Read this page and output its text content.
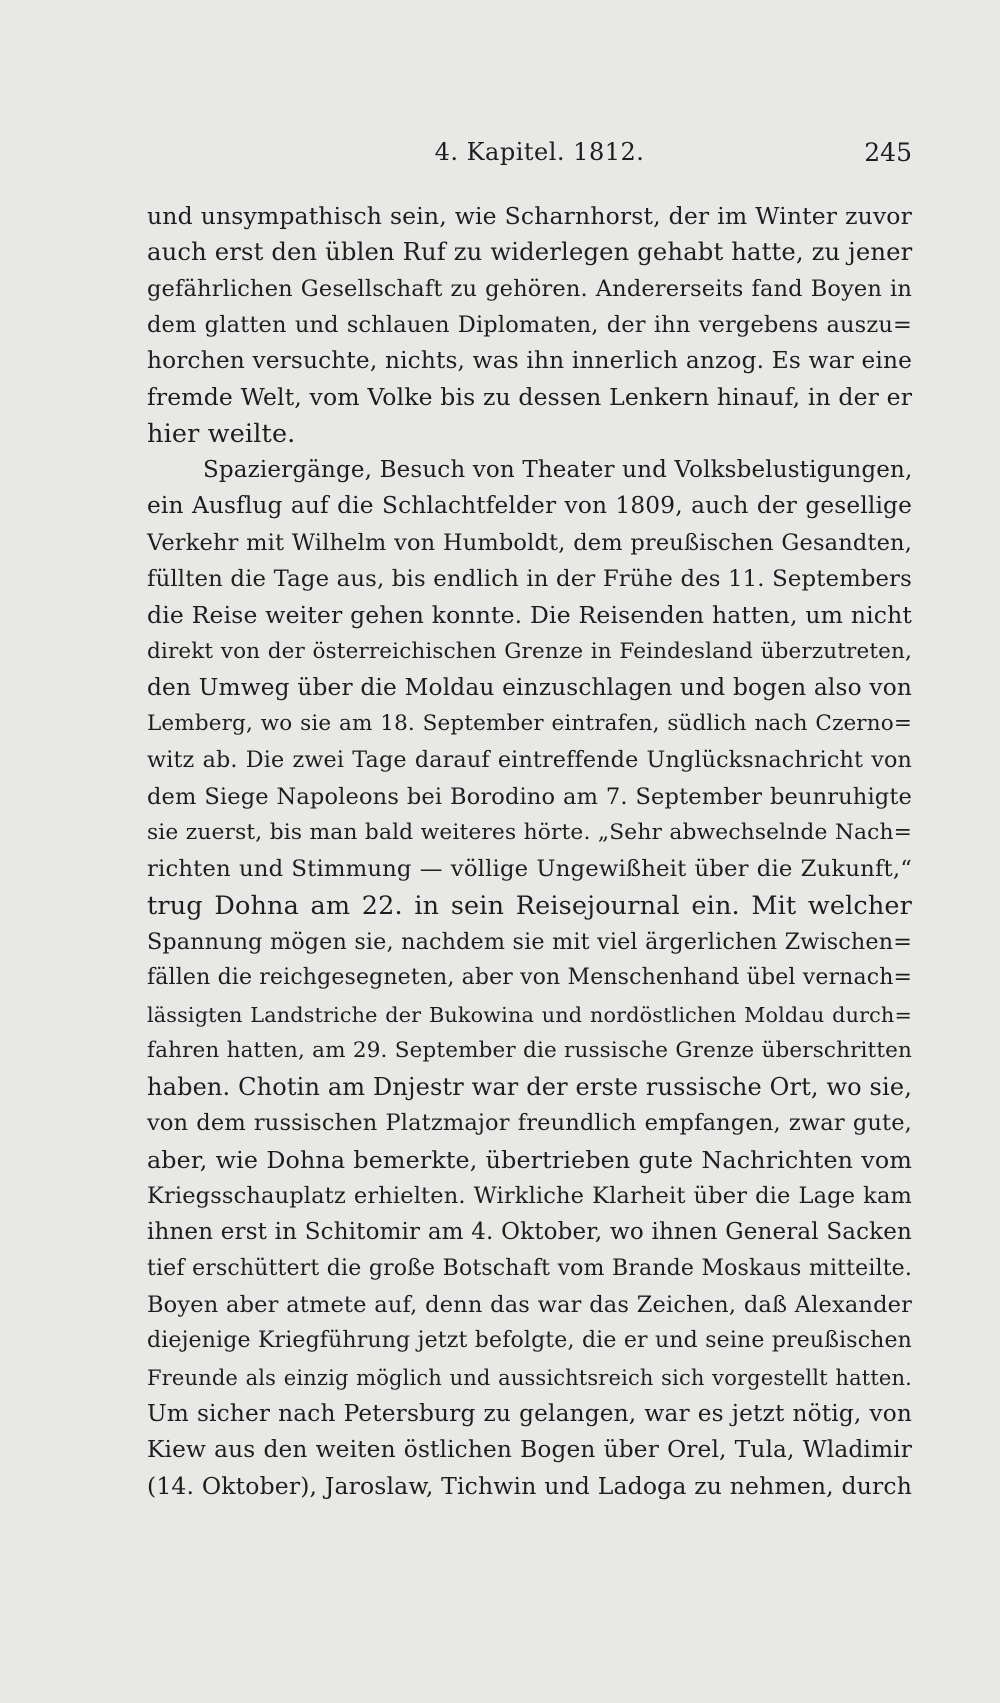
4. Kapitel. 1812.	245
und unsympathisch sein, wie Scharnhorst, der im Winter zuvor
auch erst den üblen Ruf zu widerlegen gehabt hatte, zu jener
gefährlichen Gesellschaft zu gehören. Andererseits fand Boyen in
dem glatten und schlauen Diplomaten, der ihn vergebens auszu=
horchen versuchte, nichts, was ihn innerlich anzog. Es war eine
fremde Welt, vom Volke bis zu dessen Lenkern hinauf, in der er
hier weilte.
Spaziergänge, Besuch von Theater und Volksbelustigungen,
ein Ausflug auf die Schlachtfelder von 1809, auch der gesellige
Verkehr mit Wilhelm von Humboldt, dem preußischen Gesandten,
füllten die Tage aus, bis endlich in der Frühe des 11. Septembers
die Reise weiter gehen konnte. Die Reisenden hatten, um nicht
direkt von der österreichischen Grenze in Feindesland überzutreten,
den Umweg über die Moldau einzuschlagen und bogen also von
Lemberg, wo sie am 18. September eintrafen, südlich nach Czerno=
witz ab. Die zwei Tage darauf eintreffende Unglücksnachricht von
dem Siege Napoleons bei Borodino am 7. September beunruhigte
sie zuerst, bis man bald weiteres hörte. „Sehr abwechselnde Nach=
richten und Stimmung — völlige Ungewißheit über die Zukunft,“
trug Dohna am 22. in sein Reisejournal ein. Mit welcher
Spannung mögen sie, nachdem sie mit viel ärgerlichen Zwischen=
fällen die reichgesegneten, aber von Menschenhand übel vernach=
lässigten Landstriche der Bukowina und nordöstlichen Moldau durch=
fahren hatten, am 29. September die russische Grenze überschritten
haben. Chotin am Dnjestr war der erste russische Ort, wo sie,
von dem russischen Platzmajor freundlich empfangen, zwar gute,
aber, wie Dohna bemerkte, übertrieben gute Nachrichten vom
Kriegsschauplatz erhielten. Wirkliche Klarheit über die Lage kam
ihnen erst in Schitomir am 4. Oktober, wo ihnen General Sacken
tief erschüttert die große Botschaft vom Brande Moskaus mitteilte.
Boyen aber atmete auf, denn das war das Zeichen, daß Alexander
diejenige Kriegführung jetzt befolgte, die er und seine preußischen
Freunde als einzig möglich und aussichtsreich sich vorgestellt hatten.
Um sicher nach Petersburg zu gelangen, war es jetzt nötig, von
Kiew aus den weiten östlichen Bogen über Orel, Tula, Wladimir
(14. Oktober), Jaroslaw, Tichwin und Ladoga zu nehmen, durch
